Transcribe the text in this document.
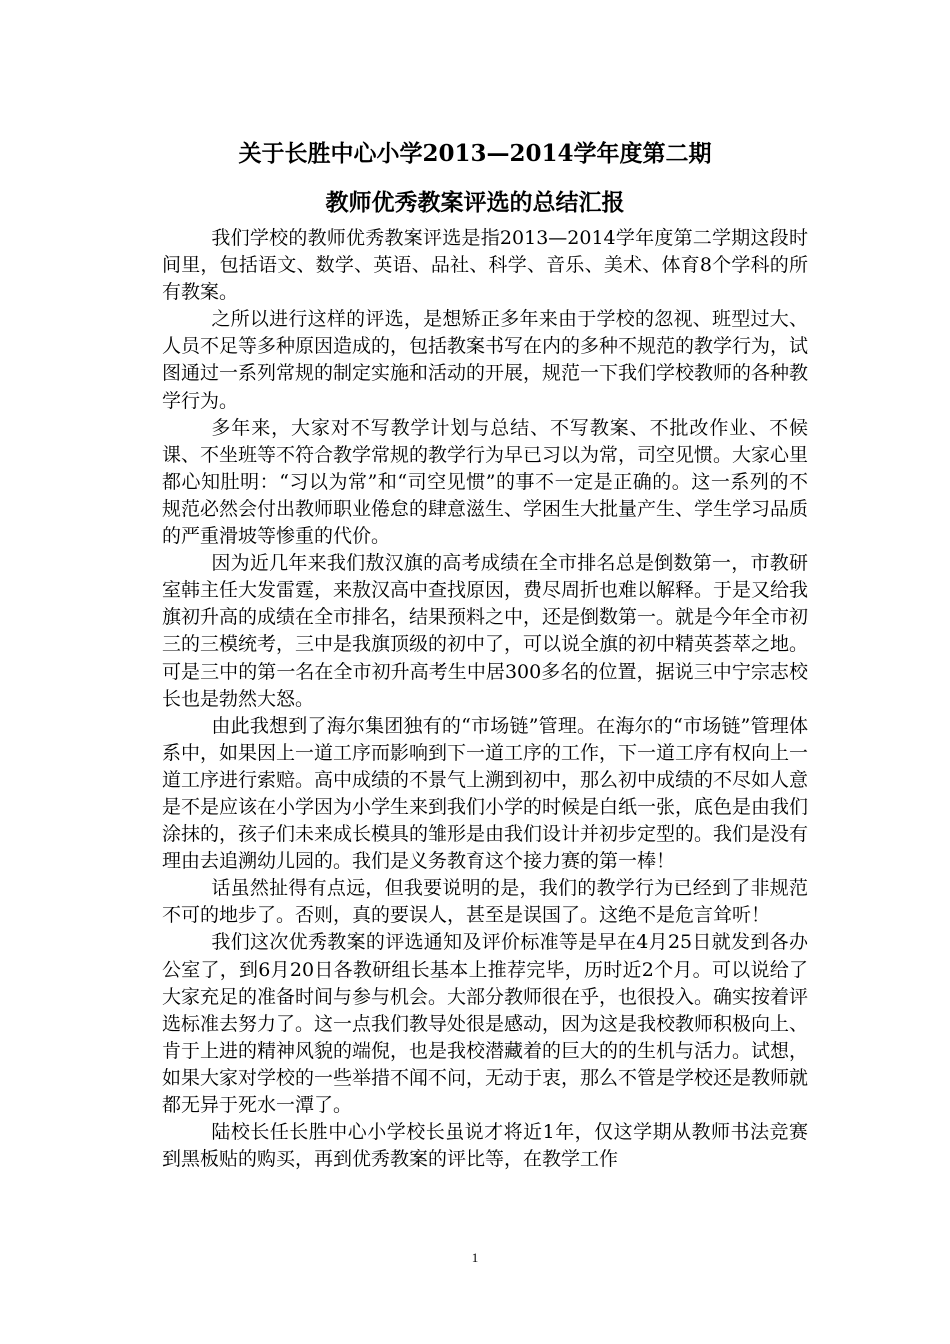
关于长胜中心小学2013—2014学年度第二期
教师优秀教案评选的总结汇报

我们学校的教师优秀教案评选是指2013—2014学年度第二学期这段时间里，包括语文、数学、英语、品社、科学、音乐、美术、体育8个学科的所有教案。

之所以进行这样的评选，是想矫正多年来由于学校的忽视、班型过大、人员不足等多种原因造成的，包括教案书写在内的多种不规范的教学行为，试图通过一系列常规的制定实施和活动的开展，规范一下我们学校教师的各种教学行为。

多年来，大家对不写教学计划与总结、不写教案、不批改作业、不候课、不坐班等不符合教学常规的教学行为早已习以为常，司空见惯。大家心里都心知肚明：“习以为常”和“司空见惯”的事不一定是正确的。这一系列的不规范必然会付出教师职业倦怠的肆意滋生、学困生大批量产生、学生学习品质的严重滑坡等惨重的代价。

因为近几年来我们敖汉旗的高考成绩在全市排名总是倒数第一，市教研室韩主任大发雷霆，来敖汉高中查找原因，费尽周折也难以解释。于是又给我旗初升高的成绩在全市排名，结果预料之中，还是倒数第一。就是今年全市初三的三模统考，三中是我旗顶级的初中了，可以说全旗的初中精英荟萃之地。可是三中的第一名在全市初升高考生中居300多名的位置，据说三中宁宗志校长也是勃然大怒。

由此我想到了海尔集团独有的“市场链”管理。在海尔的“市场链”管理体系中，如果因上一道工序而影响到下一道工序的工作，下一道工序有权向上一道工序进行索赔。高中成绩的不景气上溯到初中，那么初中成绩的不尽如人意是不是应该在小学因为小学生来到我们小学的时候是白纸一张，底色是由我们涂抹的，孩子们未来成长模具的雏形是由我们设计并初步定型的。我们是没有理由去追溯幼儿园的。我们是义务教育这个接力赛的第一棒！

话虽然扯得有点远，但我要说明的是，我们的教学行为已经到了非规范不可的地步了。否则，真的要误人，甚至是误国了。这绝不是危言耸听！

我们这次优秀教案的评选通知及评价标准等是早在4月25日就发到各办公室了，到6月20日各教研组长基本上推荐完毕，历时近2个月。可以说给了大家充足的准备时间与参与机会。大部分教师很在乎，也很投入。确实按着评选标准去努力了。这一点我们教导处很是感动，因为这是我校教师积极向上、肯于上进的精神风貌的端倪，也是我校潜藏着的巨大的的生机与活力。试想，如果大家对学校的一些举措不闻不问，无动于衷，那么不管是学校还是教师就都无异于死水一潭了。

陆校长任长胜中心小学校长虽说才将近1年，仅这学期从教师书法竞赛到黑板贴的购买，再到优秀教案的评比等，在教学工作

1
